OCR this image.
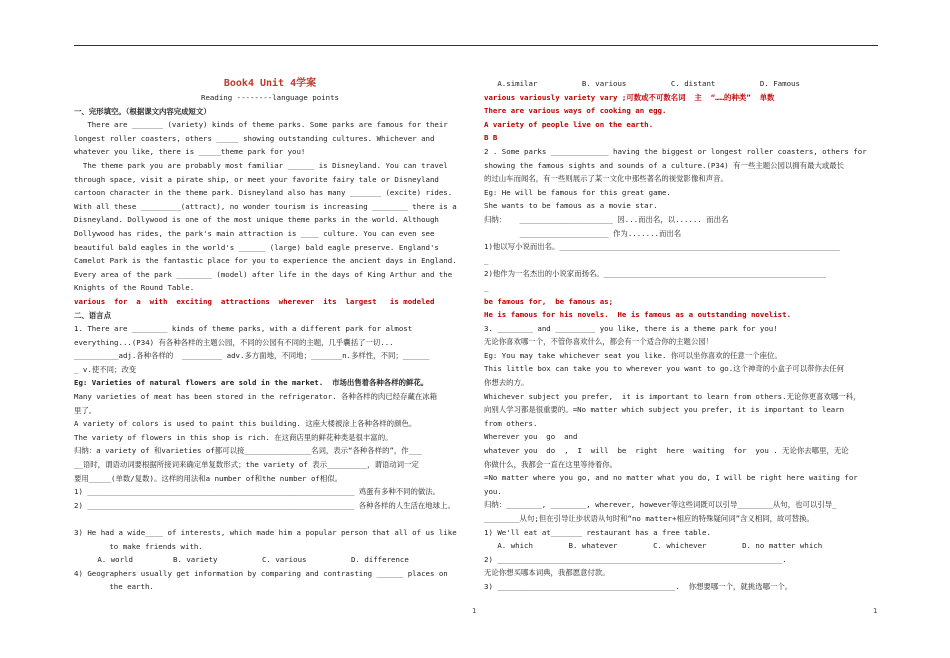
Book4 Unit 4学案
Reading --------language points
一、完形填空。（根据课文内容完成短文）
There are _______ (variety) kinds of theme parks. Some parks are famous for their
longest roller coasters, others _____ showing outstanding cultures. Whichever and
whatever you like, there is _____theme park for you!
The theme park you are probably most familiar ______ is Disneyland. You can travel
through space, visit a pirate ship, or meet your favorite fairy tale or Disneyland
cartoon character in the theme park. Disneyland also has many _______ (excite) rides.
With all these _________(attract), no wonder tourism is increasing ________ there is a
Disneyland. Dollywood is one of the most unique theme parks in the world. Although
Dollywood has rides, the park's main attraction is ____ culture. You can even see
beautiful bald eagles in the world's ______ (large) bald eagle preserve. England's
Camelot Park is the fantastic place for you to experience the ancient days in England.
Every area of the park ________ (model) after life in the days of King Arthur and the
Knights of the Round Table.
various  for  a  with  exciting  attractions  wherever  its  largest   is modeled
二、语言点
1. There are ________ kinds of theme parks, with a different park for almost
everything...(P34) 有各种各样的主题公园，不同的公园有不同的主题，几乎囊括了一切...
__________adj.各种各样的  _________ adv.多方面地，不同地；_______n.多样性，不同；______
_ v.使不同；改变
Eg: Varieties of natural flowers are sold in the market.  市场出售着各种各样的鲜花。
Many varieties of meat has been stored in the refrigerator. 各种各样的肉已经存藏在冰箱
里了。
A variety of colors is used to paint this building. 这座大楼被涂上各种各样的颜色。
The variety of flowers in this shop is rich. 在这商店里的鲜花种类是很丰富的。
归纳：a variety of 和varieties of都可以接_______________名词，表示“各种各样的”，作___
__语时，谓语动词要根据所接词来确定单复数形式；the variety of 表示_________，谓语动词一定
要用_____(单数/复数)。这样的用法和a number of和the number of相似。
1) ____________________________________________________________ 鸡蛋有多种不同的做法。
2) ____________________________________________________________ 各种各样的人生活在地球上。
3) He had a wide____ of interests, which made him a popular person that all of us like
to make friends with.
A. world         B. variety          C. various          D. difference
4) Geographers usually get information by comparing and contrasting ______ places on
the earth.
A.similar          B. various          C. distant          D. Famous
various variously variety vary ;可数或不可数名词  主  “……的种类”  单数
There are various ways of cooking an egg.
A variety of people live on the earth.
B B
2 . Some parks _____________ having the biggest or longest roller coasters, others for
showing the famous sights and sounds of a culture.(P34) 有一些主题公园以拥有最大或最长
的过山车而闻名，有一些则展示了某一文化中那些著名的视觉影像和声音。
Eg: He will be famous for this great game.
She wants to be famous as a movie star.
归纳：   _____________________ 因...而出名，以...... 而出名
____________________ 作为.......而出名
1)他以写小说而出名。_______________________________________________________________
_
2)他作为一名杰出的小说家而扬名。__________________________________________________
_
be famous for,  be famous as;
He is famous for his novels.  He is famous as a outstanding novelist.
3. ________ and _________ you like, there is a theme park for you!
无论你喜欢哪一个，不管你喜欢什么，都会有一个适合你的主题公园！
Eg: You may take whichever seat you like. 你可以坐你喜欢的任意一个座位。
This little box can take you to wherever you want to go.这个神奇的小盒子可以带你去任何
你想去的方。
Whichever subject you prefer,  it is important to learn from others.无论你更喜欢哪一科，
向别人学习都是很重要的。=No matter which subject you prefer, it is important to learn
from others.
Wherever you  go  and
whatever you  do  ,  I  will  be  right  here  waiting  for  you . 无论你去哪里，无论
你做什么，我都会一直在这里等待着你。
=No matter where you go, and no matter what you do, I will be right here waiting for
you.
归纳：________, ________, wherever, however等这些词既可以引导________从句，也可以引导_
________从句;但在引导让步状语从句时和“no matter+相应的特殊疑问词”含义相同，故可替换。
1) We'll eat at_______ restaurant has a free table.
A. which        B. whatever        C. whichever        D. no matter which
2) ________________________________________________________________.
无论你想买哪本词典，我都愿意付款。
3) ________________________________________.  你想要哪一个，就挑选哪一个。
1	1
